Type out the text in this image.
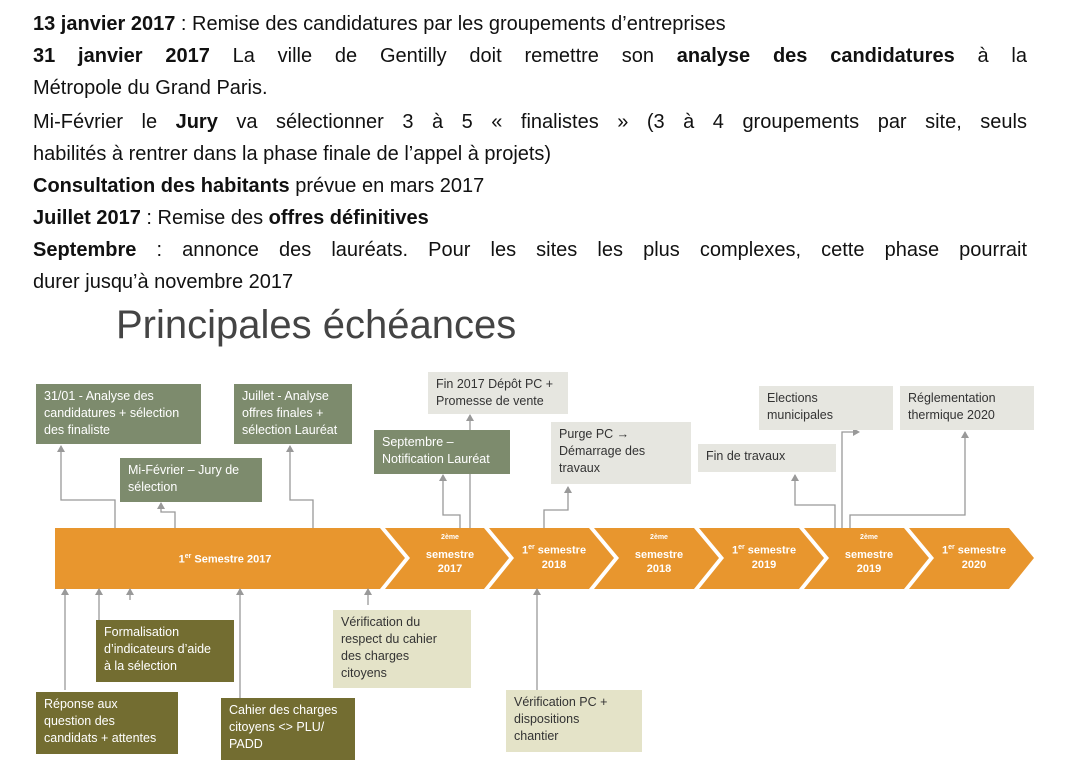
13 janvier 2017 : Remise des candidatures par les groupements d’entreprises
31 janvier 2017 La ville de Gentilly doit remettre son analyse des candidatures à la
Métropole du Grand Paris.
Mi-Février le Jury va sélectionner 3 à 5 « finalistes » (3 à 4 groupements par site, seuls
habilités à rentrer dans la phase finale de l’appel à projets)
Consultation des habitants prévue en mars 2017
Juillet 2017 : Remise des offres définitives
Septembre : annonce des lauréats. Pour les sites les plus complexes, cette phase pourrait
durer jusqu’à novembre 2017
Principales échéances
1er Semestre 2017
$^{2ème}$
semestre
2017
1er semestre
2018
$^{2ème}$
semestre
2018
1er semestre
2019
$^{2ème}$
semestre
2019
1er semestre
2020
31/01 - Analyse des
candidatures + sélection
des finaliste
Mi-Février – Jury de
sélection
Juillet - Analyse
offres finales +
sélection Lauréat
Septembre –
Notification Lauréat
Fin 2017 Dépôt PC +
Promesse de vente
Purge PC →
Démarrage des
travaux
Fin de travaux
Elections
municipales
Réglementation
thermique 2020
Formalisation
d’indicateurs d’aide
à la sélection
Réponse aux
question des
candidats + attentes
Cahier des charges
citoyens <> PLU/
PADD
Vérification du
respect du cahier
des charges
citoyens
Vérification PC +
dispositions
chantier
